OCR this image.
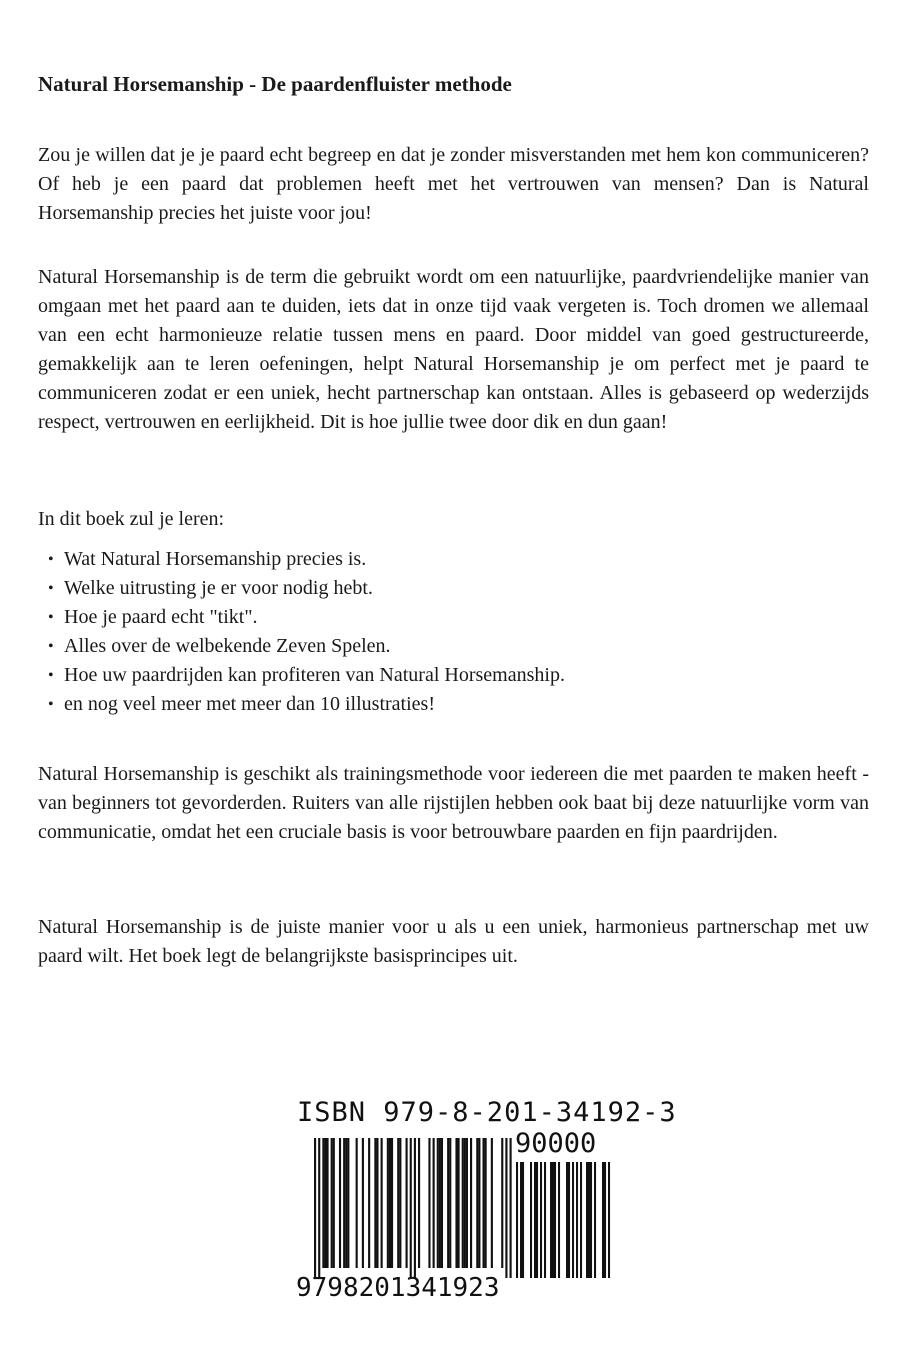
Natural Horsemanship - De paardenfluister methode

Zou je willen dat je je paard echt begreep en dat je zonder misverstanden met hem kon communiceren? Of heb je een paard dat problemen heeft met het vertrouwen van mensen? Dan is Natural Horsemanship precies het juiste voor jou!

Natural Horsemanship is de term die gebruikt wordt om een natuurlijke, paardvriendelijke manier van omgaan met het paard aan te duiden, iets dat in onze tijd vaak vergeten is. Toch dromen we allemaal van een echt harmonieuze relatie tussen mens en paard. Door middel van goed gestructureerde, gemakkelijk aan te leren oefeningen, helpt Natural Horsemanship je om perfect met je paard te communiceren zodat er een uniek, hecht partnerschap kan ontstaan. Alles is gebaseerd op wederzijds respect, vertrouwen en eerlijkheid. Dit is hoe jullie twee door dik en dun gaan!

In dit boek zul je leren:

• Wat Natural Horsemanship precies is.
• Welke uitrusting je er voor nodig hebt.
• Hoe je paard echt "tikt".
• Alles over de welbekende Zeven Spelen.
• Hoe uw paardrijden kan profiteren van Natural Horsemanship.
• en nog veel meer met meer dan 10 illustraties!

Natural Horsemanship is geschikt als trainingsmethode voor iedereen die met paarden te maken heeft - van beginners tot gevorderden. Ruiters van alle rijstijlen hebben ook baat bij deze natuurlijke vorm van communicatie, omdat het een cruciale basis is voor betrouwbare paarden en fijn paardrijden.

Natural Horsemanship is de juiste manier voor u als u een uniek, harmonieus partnerschap met uw paard wilt. Het boek legt de belangrijkste basisprincipes uit.

ISBN 979-8-201-34192-3
90000
9798201341923
